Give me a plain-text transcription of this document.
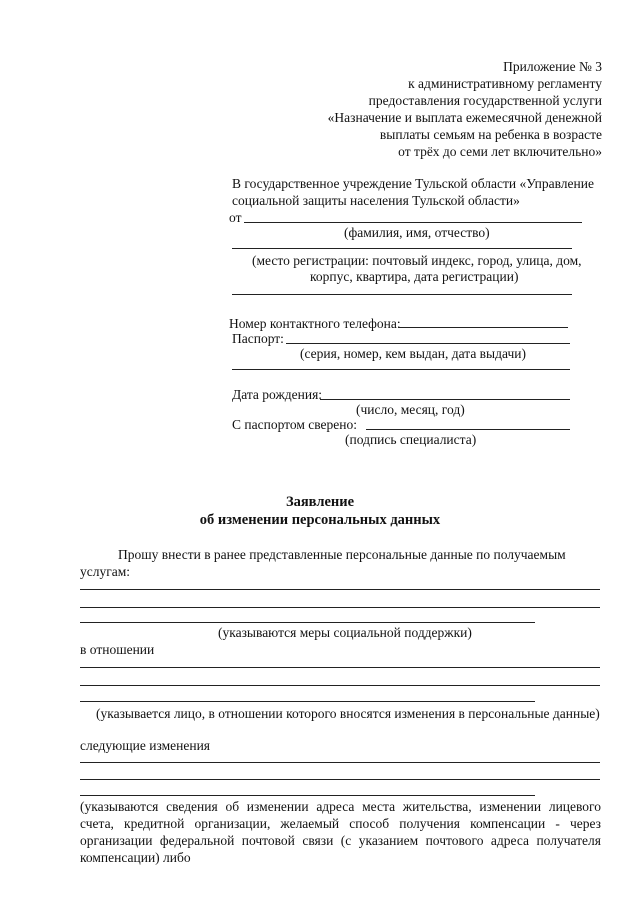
Приложение № 3
к административному регламенту
предоставления государственной услуги
«Назначение и выплата ежемесячной денежной
выплаты семьям на ребенка в возрасте
от трёх до семи лет включительно»
В государственное учреждение Тульской области «Управление
социальной защиты населения Тульской области»
от
(фамилия, имя, отчество)
(место регистрации: почтовый индекс, город, улица, дом,
корпус, квартира, дата регистрации)
Номер контактного телефона:
Паспорт:
(серия, номер, кем выдан, дата выдачи)
Дата рождения:
(число, месяц, год)
С паспортом сверено:
(подпись специалиста)
Заявление
об изменении персональных данных
Прошу внести в ранее представленные персональные данные по получаемым
услугам:
(указываются меры социальной поддержки)
в отношении
(указывается лицо, в отношении которого вносятся изменения в персональные данные)
следующие изменения
(указываются сведения об изменении адреса места жительства, изменении лицевого счета, кредитной организации, желаемый способ получения компенсации - через организации федеральной почтовой связи (с указанием почтового адреса получателя компенсации) либо
